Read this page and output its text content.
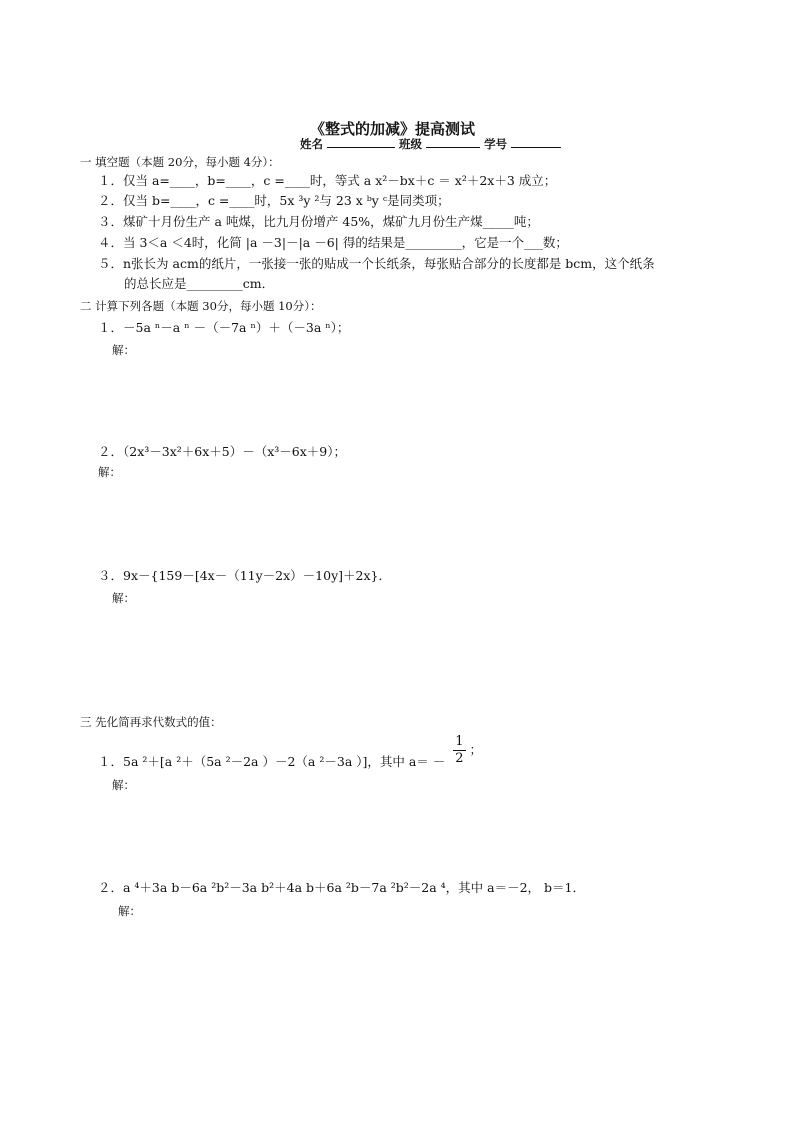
《整式的加减》提高测试
姓名	班级	学号
一 填空题（本题 20分，每小题 4分）：
１．仅当 a=____，b=____，c =____时，等式 a x²－bx＋c ＝ x²＋2x＋3 成立；
２．仅当 b=____，c =____时，5x ³y ²与 23 x ᵇy ᶜ是同类项；
３．煤矿十月份生产 a 吨煤，比九月份增产 45%，煤矿九月份生产煤_____吨；
４．当 3＜a ＜4时，化简 |a －3|－|a －6| 得的结果是_________，它是一个___数；
５．n张长为 acm的纸片，一张接一张的贴成一个长纸条，每张贴合部分的长度都是 bcm，这个纸条
的总长应是_________cm．
二 计算下列各题（本题 30分，每小题 10分）：
１．－5a ⁿ－a ⁿ －（－7a ⁿ）＋（－3a ⁿ）；
解：
２．（2x³－3x²＋6x＋5）－（x³－6x＋9）；
解：
３．9x－{159－[4x－（11y－2x）－10y]＋2x}．
解：
三 先化简再求代数式的值：
１．5a ²＋[a ²＋（5a ²－2a ）－2（a ²－3a ）]，其中 $a= - \frac{1}{2}$ ；
解：
２．a ⁴＋3a b－6a ²b²－3a b²＋4a b＋6a ²b－7a ²b²－2a ⁴，其中 a＝－2， b＝1．
解：
